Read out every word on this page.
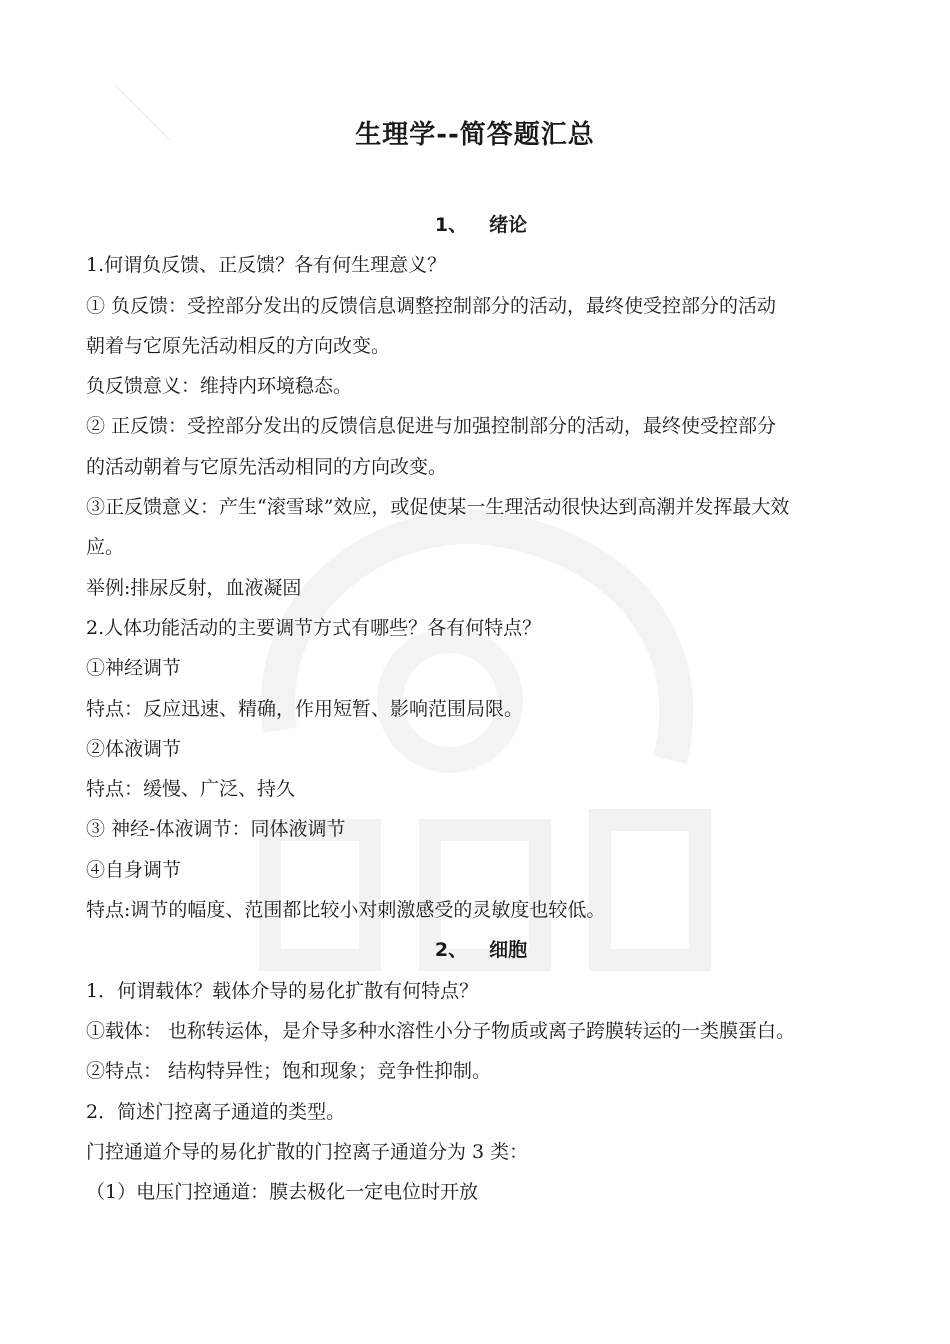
生理学--简答题汇总
1、 绪论
1.何谓负反馈、正反馈？各有何生理意义？
① 负反馈：受控部分发出的反馈信息调整控制部分的活动，最终使受控部分的活动
朝着与它原先活动相反的方向改变。
负反馈意义：维持内环境稳态。
② 正反馈：受控部分发出的反馈信息促进与加强控制部分的活动，最终使受控部分
的活动朝着与它原先活动相同的方向改变。
③正反馈意义：产生“滚雪球”效应，或促使某一生理活动很快达到高潮并发挥最大效
应。
举例:排尿反射，血液凝固
2.人体功能活动的主要调节方式有哪些？各有何特点？
①神经调节
特点：反应迅速、精确，作用短暂、影响范围局限。
②体液调节
特点：缓慢、广泛、持久
③ 神经-体液调节：同体液调节
④自身调节
特点:调节的幅度、范围都比较小对刺激感受的灵敏度也较低。
2、 细胞
1．何谓载体？载体介导的易化扩散有何特点？
①载体： 也称转运体，是介导多种水溶性小分子物质或离子跨膜转运的一类膜蛋白。
②特点： 结构特异性；饱和现象；竞争性抑制。
2．简述门控离子通道的类型。
门控通道介导的易化扩散的门控离子通道分为 3 类：
（1）电压门控通道：膜去极化一定电位时开放
